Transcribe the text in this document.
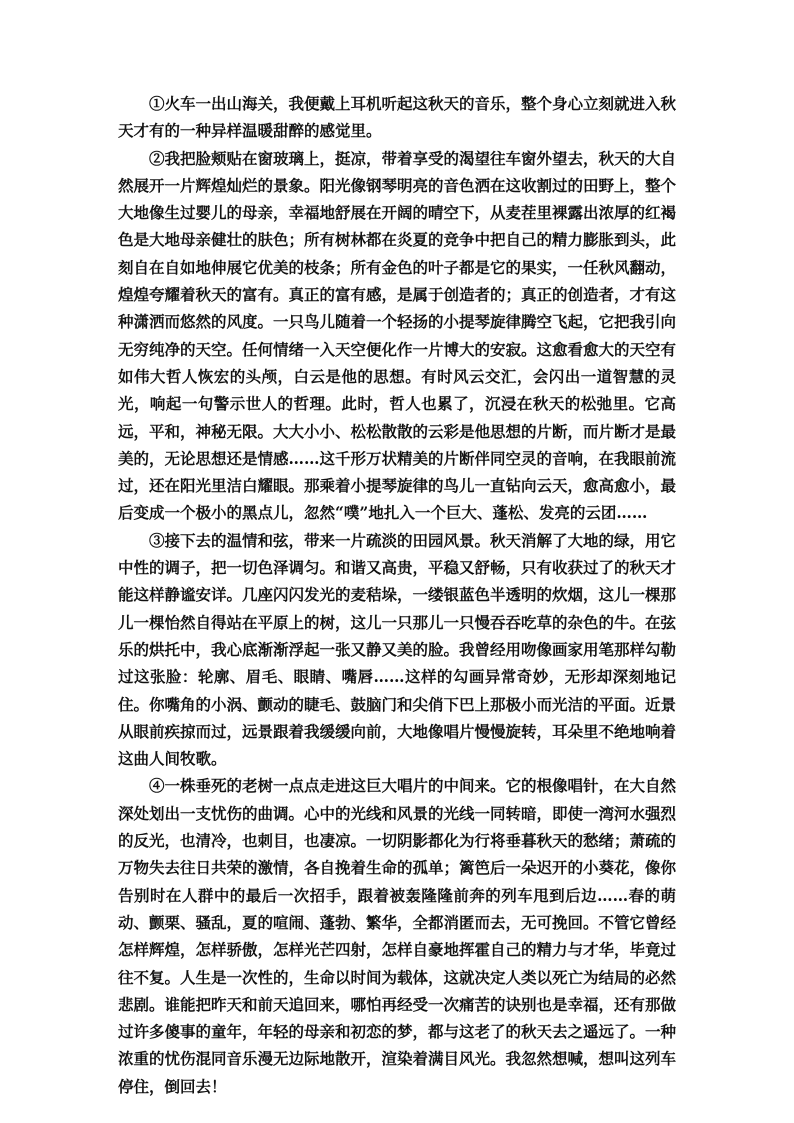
①火车一出山海关，我便戴上耳机听起这秋天的音乐，整个身心立刻就进入秋天才有的一种异样温暖甜醉的感觉里。

②我把脸颊贴在窗玻璃上，挺凉，带着享受的渴望往车窗外望去，秋天的大自然展开一片辉煌灿烂的景象。阳光像钢琴明亮的音色洒在这收割过的田野上，整个大地像生过婴儿的母亲，幸福地舒展在开阔的晴空下，从麦茬里裸露出浓厚的红褐色是大地母亲健壮的肤色；所有树林都在炎夏的竞争中把自己的精力膨胀到头，此刻自在自如地伸展它优美的枝条；所有金色的叶子都是它的果实，一任秋风翻动，煌煌夸耀着秋天的富有。真正的富有感，是属于创造者的；真正的创造者，才有这种潇洒而悠然的风度。一只鸟儿随着一个轻扬的小提琴旋律腾空飞起，它把我引向无穷纯净的天空。任何情绪一入天空便化作一片博大的安寂。这愈看愈大的天空有如伟大哲人恢宏的头颅，白云是他的思想。有时风云交汇，会闪出一道智慧的灵光，响起一句警示世人的哲理。此时，哲人也累了，沉浸在秋天的松弛里。它高远，平和，神秘无限。大大小小、松松散散的云彩是他思想的片断，而片断才是最美的，无论思想还是情感……这千形万状精美的片断伴同空灵的音响，在我眼前流过，还在阳光里洁白耀眼。那乘着小提琴旋律的鸟儿一直钻向云天，愈高愈小，最后变成一个极小的黑点儿，忽然“噗”地扎入一个巨大、蓬松、发亮的云团……

③接下去的温情和弦，带来一片疏淡的田园风景。秋天消解了大地的绿，用它中性的调子，把一切色泽调匀。和谐又高贵，平稳又舒畅，只有收获过了的秋天才能这样静谧安详。几座闪闪发光的麦秸垛，一缕银蓝色半透明的炊烟，这儿一棵那儿一棵怡然自得站在平原上的树，这儿一只那儿一只慢吞吞吃草的杂色的牛。在弦乐的烘托中，我心底渐渐浮起一张又静又美的脸。我曾经用吻像画家用笔那样勾勒过这张脸：轮廓、眉毛、眼睛、嘴唇……这样的勾画异常奇妙，无形却深刻地记住。你嘴角的小涡、颤动的睫毛、鼓脑门和尖俏下巴上那极小而光洁的平面。近景从眼前疾掠而过，远景跟着我缓缓向前，大地像唱片慢慢旋转，耳朵里不绝地响着这曲人间牧歌。

④一株垂死的老树一点点走进这巨大唱片的中间来。它的根像唱针，在大自然深处划出一支忧伤的曲调。心中的光线和风景的光线一同转暗，即使一湾河水强烈的反光，也清冷，也刺目，也凄凉。一切阴影都化为行将垂暮秋天的愁绪；萧疏的万物失去往日共荣的激情，各自挽着生命的孤单；篱笆后一朵迟开的小葵花，像你告别时在人群中的最后一次招手，跟着被轰隆隆前奔的列车甩到后边……春的萌动、颤栗、骚乱，夏的喧闹、蓬勃、繁华，全都消匿而去，无可挽回。不管它曾经怎样辉煌，怎样骄傲，怎样光芒四射，怎样自豪地挥霍自己的精力与才华，毕竟过往不复。人生是一次性的，生命以时间为载体，这就决定人类以死亡为结局的必然悲剧。谁能把昨天和前天追回来，哪怕再经受一次痛苦的诀别也是幸福，还有那做过许多傻事的童年，年轻的母亲和初恋的梦，都与这老了的秋天去之遥远了。一种浓重的忧伤混同音乐漫无边际地散开，渲染着满目风光。我忽然想喊，想叫这列车停住，倒回去！
